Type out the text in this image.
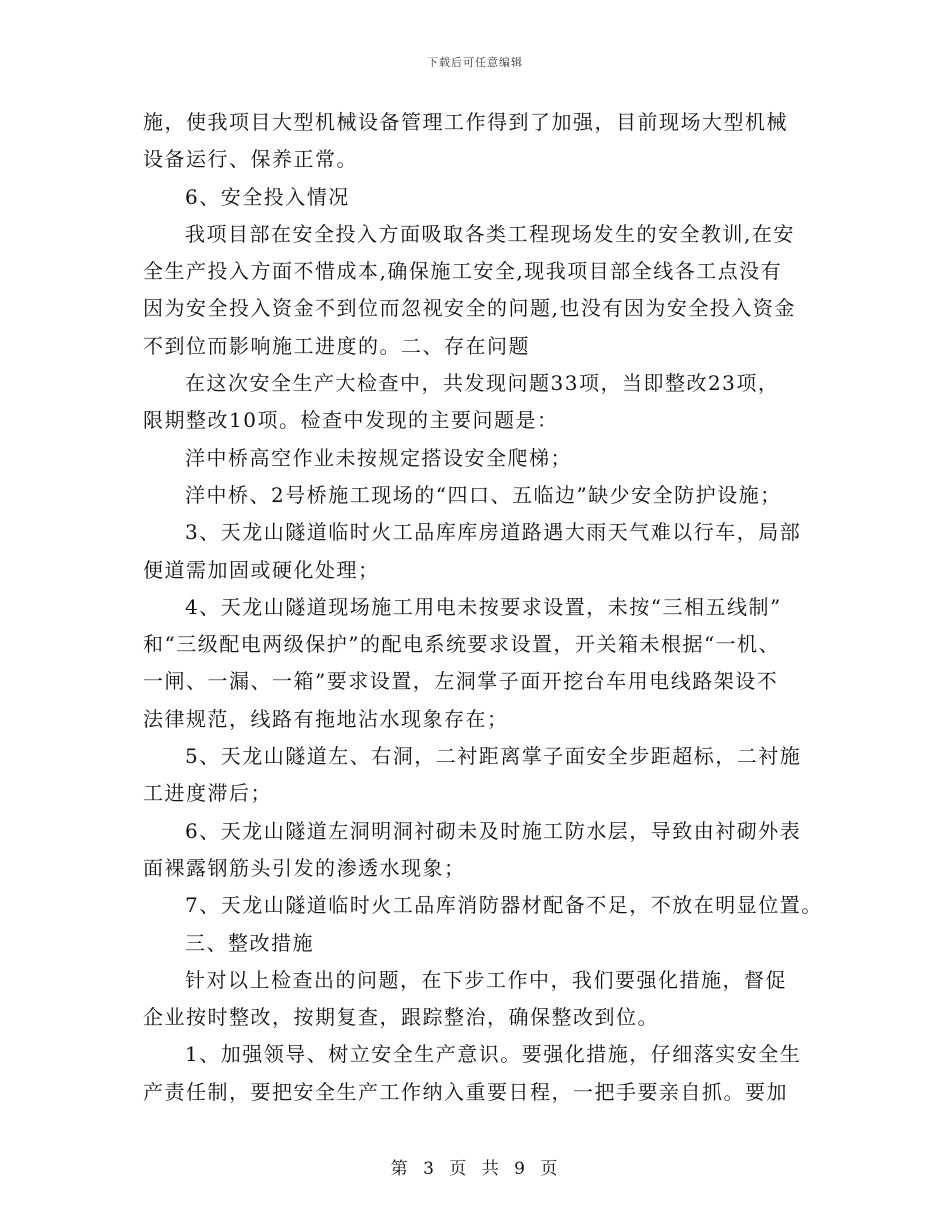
下载后可任意编辑
施，使我项目大型机械设备管理工作得到了加强，目前现场大型机械
设备运行、保养正常。
6、安全投入情况
我项目部在安全投入方面吸取各类工程现场发生的安全教训,在安
全生产投入方面不惜成本,确保施工安全,现我项目部全线各工点没有
因为安全投入资金不到位而忽视安全的问题,也没有因为安全投入资金
不到位而影响施工进度的。二、存在问题
在这次安全生产大检查中，共发现问题33项，当即整改23项，
限期整改10项。检查中发现的主要问题是：
洋中桥高空作业未按规定搭设安全爬梯；
洋中桥、2号桥施工现场的“四口、五临边”缺少安全防护设施；
3、天龙山隧道临时火工品库库房道路遇大雨天气难以行车，局部
便道需加固或硬化处理；
4、天龙山隧道现场施工用电未按要求设置，未按“三相五线制”
和“三级配电两级保护”的配电系统要求设置，开关箱未根据“一机、
一闸、一漏、一箱”要求设置，左洞掌子面开挖台车用电线路架设不
法律规范，线路有拖地沾水现象存在；
5、天龙山隧道左、右洞，二衬距离掌子面安全步距超标，二衬施
工进度滞后；
6、天龙山隧道左洞明洞衬砌未及时施工防水层，导致由衬砌外表
面裸露钢筋头引发的渗透水现象；
7、天龙山隧道临时火工品库消防器材配备不足，不放在明显位置。
三、整改措施
针对以上检查出的问题，在下步工作中，我们要强化措施，督促
企业按时整改，按期复查，跟踪整治，确保整改到位。
1、加强领导、树立安全生产意识。要强化措施，仔细落实安全生
产责任制，要把安全生产工作纳入重要日程，一把手要亲自抓。要加
第 3 页 共 9 页
